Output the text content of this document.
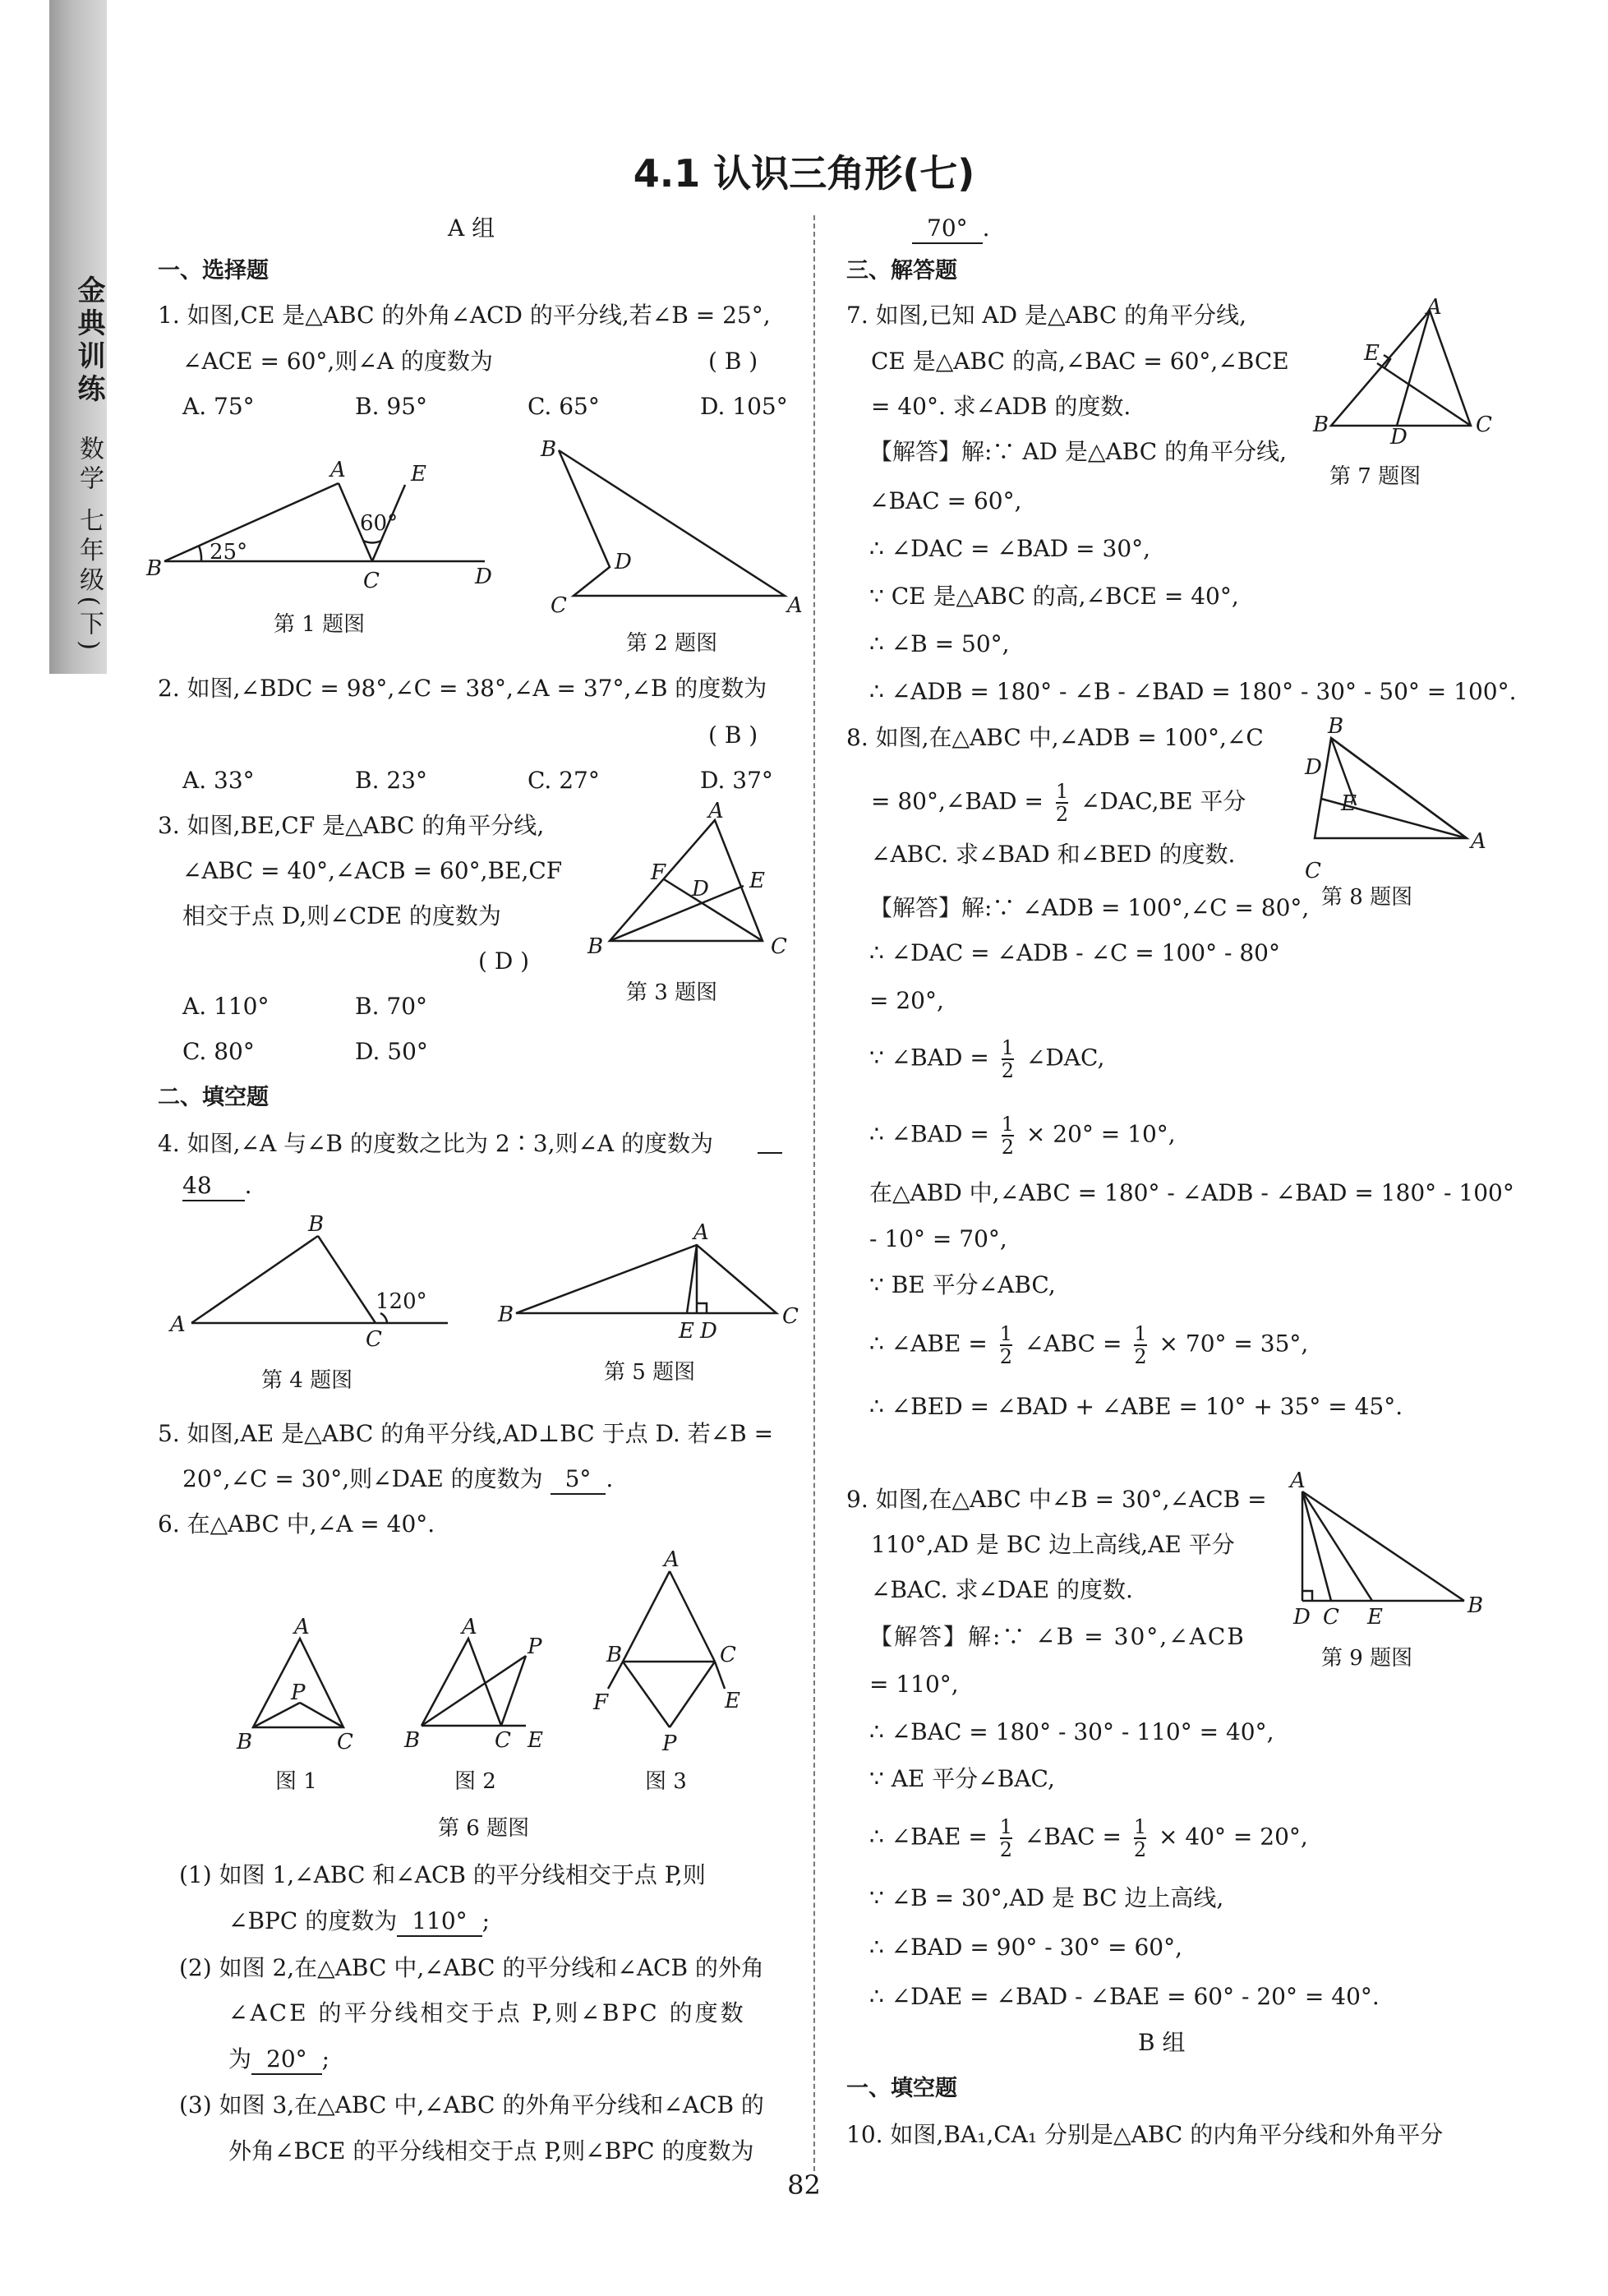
金典训练
数学 七年级(下)
4.1 认识三角形(七)
A 组
一、选择题
1. 如图,CE 是△ABC 的外角∠ACD 的平分线,若∠B = 25°,
∠ACE = 60°,则∠A 的度数为	( B )
A. 75°	B. 95°	C. 65°	D. 105°
A
B	C	D
E
25°
60°
第 1 题图
B
D
C	A
第 2 题图
2. 如图,∠BDC = 98°,∠C = 38°,∠A = 37°,∠B 的度数为
( B )
A. 33°	B. 23°	C. 27°	D. 37°
3. 如图,BE,CF 是△ABC 的角平分线,
∠ABC = 40°,∠ACB = 60°,BE,CF
相交于点 D,则∠CDE 的度数为
( D )
A. 110°	B. 70°
C. 80°	D. 50°
A
B	C
D E
F
第 3 题图
二、填空题
4. 如图,∠A 与∠B 的度数之比为 2∶3,则∠A 的度数为
48 .
B
A
C
120°
第 4 题图
A
B	C
E D
第 5 题图
5. 如图,AE 是△ABC 的角平分线,AD⊥BC 于点 D. 若∠B =
20°,∠C = 30°,则∠DAE 的度数为 5° .
6. 在△ABC 中,∠A = 40°.
A
B	C
P
A
B	C E
P
A
B	C
F	E
P
图 1	图 2	图 3
第 6 题图
(1) 如图 1,∠ABC 和∠ACB 的平分线相交于点 P,则
∠BPC 的度数为 110° ;
(2) 如图 2,在△ABC 中,∠ABC 的平分线和∠ACB 的外角
∠ACE 的平分线相交于点 P,则∠BPC 的度数
为 20° ;
(3) 如图 3,在△ABC 中,∠ABC 的外角平分线和∠ACB 的
外角∠BCE 的平分线相交于点 P,则∠BPC 的度数为
70° .
三、解答题
7. 如图,已知 AD 是△ABC 的角平分线,
CE 是△ABC 的高,∠BAC = 60°,∠BCE
= 40°. 求∠ADB 的度数.
A
B	C
D
E
第 7 题图
【解答】解:∵ AD 是△ABC 的角平分线,
∠BAC = 60°,
∴ ∠DAC = ∠BAD = 30°,
∵ CE 是△ABC 的高,∠BCE = 40°,
∴ ∠B = 50°,
∴ ∠ADB = 180° - ∠B - ∠BAD = 180° - 30° - 50° = 100°.
8. 如图,在△ABC 中,∠ADB = 100°,∠C
= 80°,∠BAD = $\frac{1}{2}$ ∠DAC,BE 平分
∠ABC. 求∠BAD 和∠BED 的度数.
B
C
A
D
E
第 8 题图
【解答】解:∵ ∠ADB = 100°,∠C = 80°,
∴ ∠DAC = ∠ADB - ∠C = 100° - 80°
= 20°,
∵ ∠BAD = $\frac{1}{2}$ ∠DAC,
∴ ∠BAD = $\frac{1}{2} \times 20^\circ = 10^\circ$,
在△ABD 中,∠ABC = 180° - ∠ADB - ∠BAD = 180° - 100°
- 10° = 70°,
∵ BE 平分∠ABC,
∴ ∠ABE = $\frac{1}{2}$ ∠ABC = $\frac{1}{2} \times 70^\circ = 35^\circ$,
∴ ∠BED = ∠BAD + ∠ABE = 10° + 35° = 45°.
9. 如图,在△ABC 中∠B = 30°,∠ACB =
110°,AD 是 BC 边上高线,AE 平分
∠BAC. 求∠DAE 的度数.
A
D C E	B
第 9 题图
【解答】解:∵ ∠B = 30°,∠ACB
= 110°,
∴ ∠BAC = 180° - 30° - 110° = 40°,
∵ AE 平分∠BAC,
∴ ∠BAE = $\frac{1}{2}$ ∠BAC = $\frac{1}{2} \times 40^\circ = 20^\circ$,
∵ ∠B = 30°,AD 是 BC 边上高线,
∴ ∠BAD = 90° - 30° = 60°,
∴ ∠DAE = ∠BAD - ∠BAE = 60° - 20° = 40°.
B 组
一、填空题
10. 如图,BA₁,CA₁ 分别是△ABC 的内角平分线和外角平分
82
